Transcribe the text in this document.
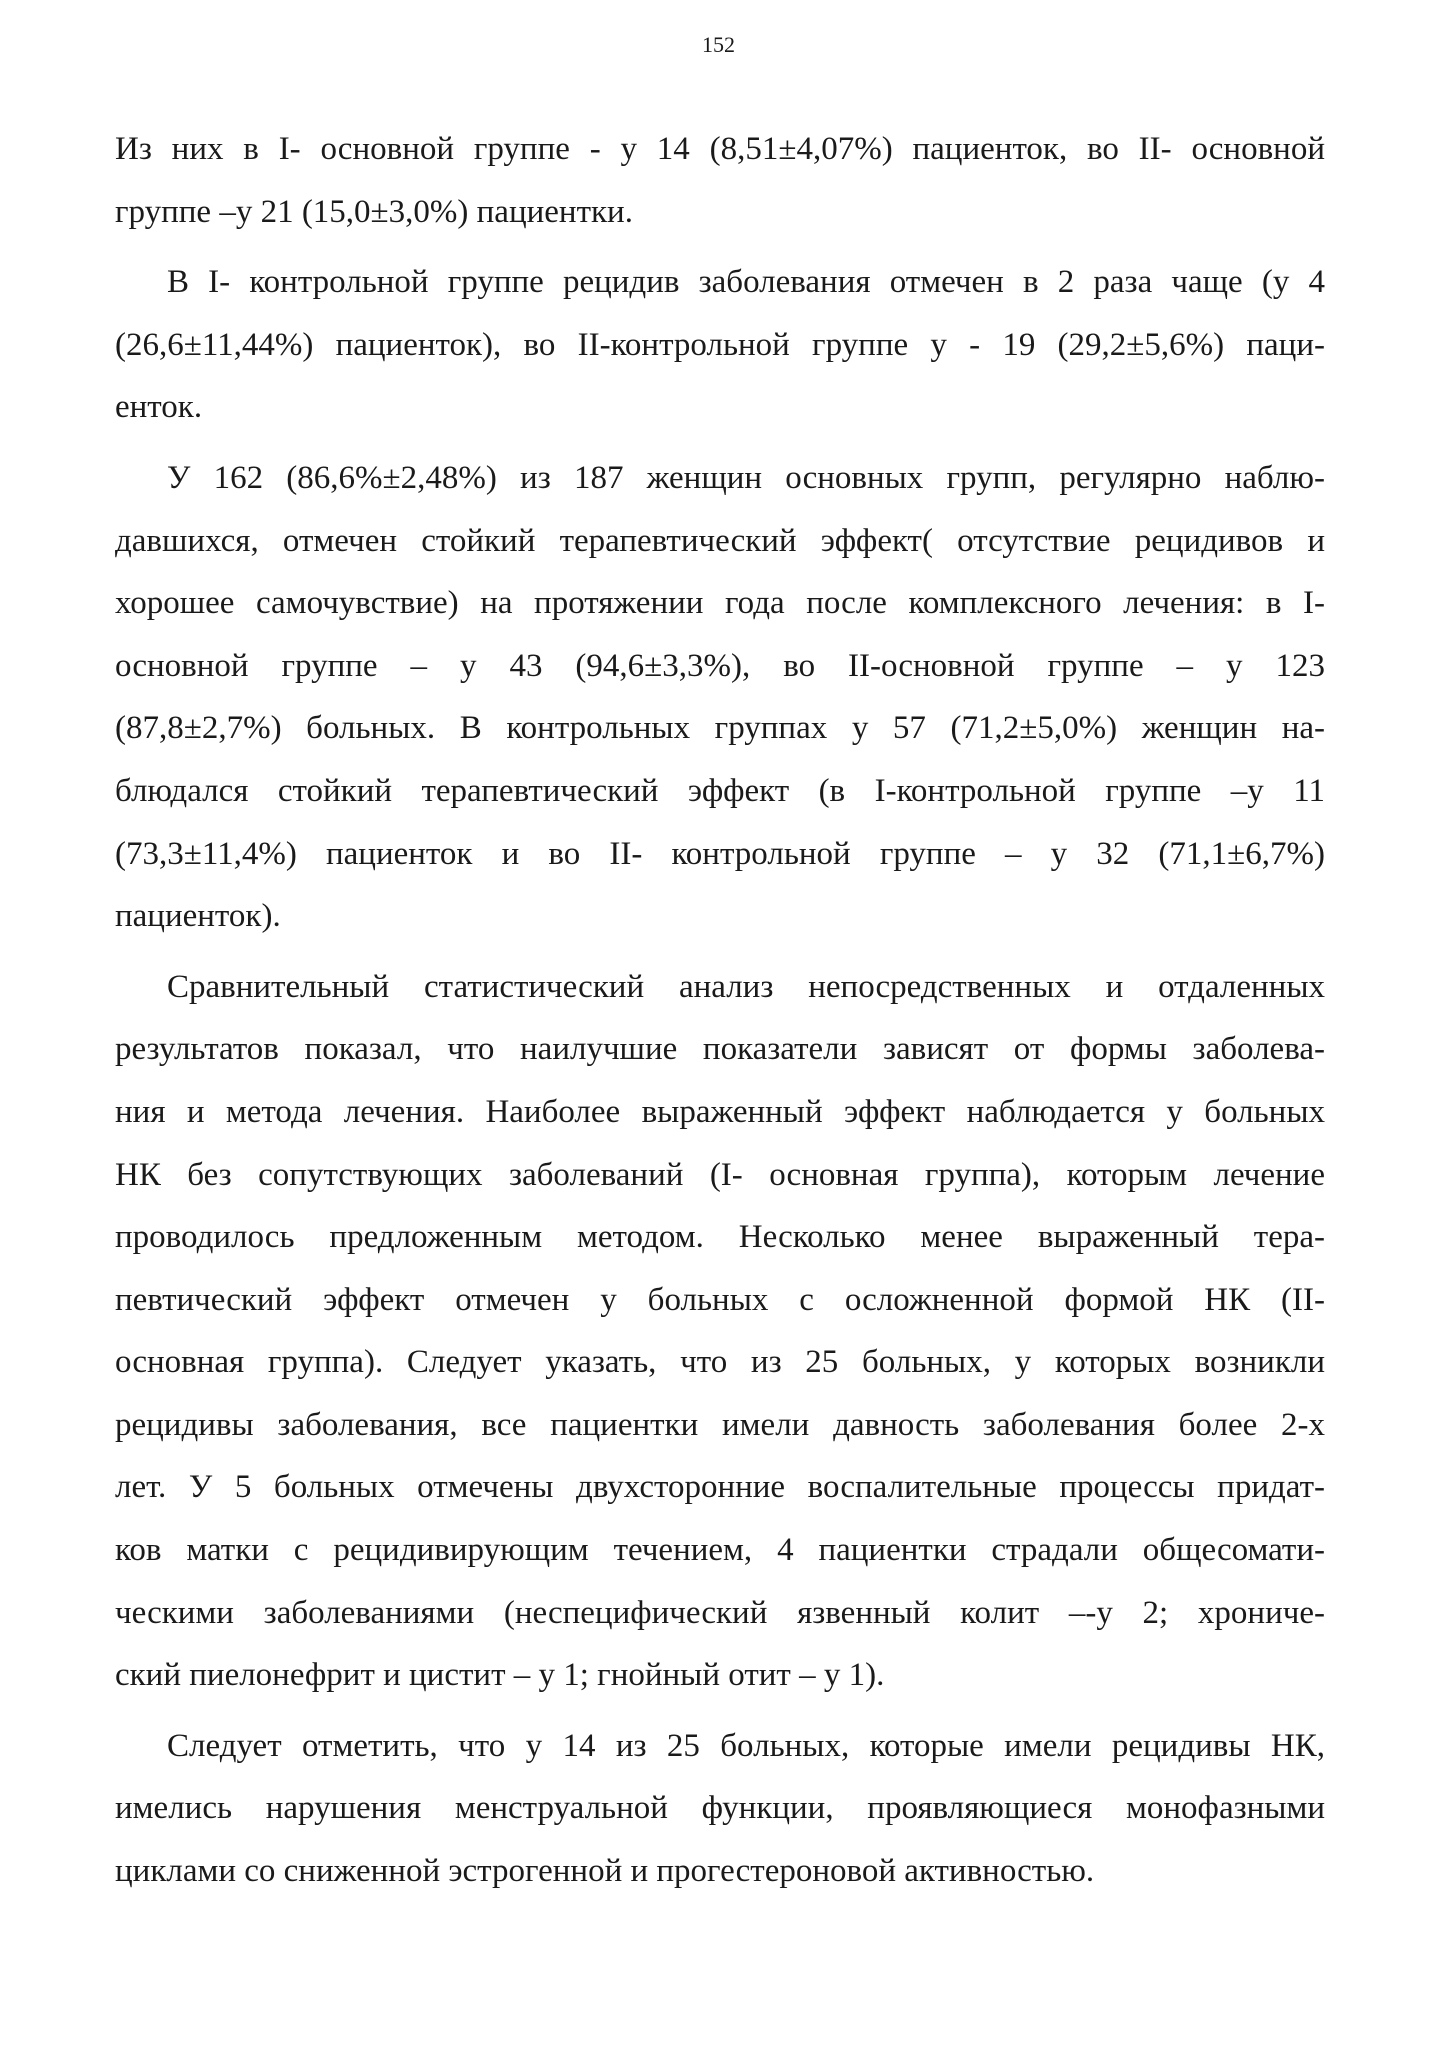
152

Из них в I- основной группе - у 14 (8,51±4,07%) пациенток, во II- основной
группе –у 21 (15,0±3,0%) пациентки.

В I- контрольной группе рецидив заболевания отмечен в 2 раза чаще (у 4
(26,6±11,44%) пациенток), во II-контрольной группе у - 19 (29,2±5,6%) паци-
енток.

У 162 (86,6%±2,48%) из 187 женщин основных групп, регулярно наблю-
давшихся, отмечен стойкий терапевтический эффект( отсутствие рецидивов и
хорошее самочувствие) на протяжении года после комплексного лечения: в I-
основной группе – у 43 (94,6±3,3%), во II-основной группе – у 123
(87,8±2,7%) больных. В контрольных группах у 57 (71,2±5,0%) женщин на-
блюдался стойкий терапевтический эффект (в I-контрольной группе –у 11
(73,3±11,4%) пациенток и во II- контрольной группе – у 32 (71,1±6,7%)
пациенток).

Сравнительный статистический анализ непосредственных и отдаленных
результатов показал, что наилучшие показатели зависят от формы заболева-
ния и метода лечения. Наиболее выраженный эффект наблюдается у больных
НК без сопутствующих заболеваний (I- основная группа), которым лечение
проводилось предложенным методом. Несколько менее выраженный тера-
певтический эффект отмечен у больных с осложненной формой НК (II-
основная группа). Следует указать, что из 25 больных, у которых возникли
рецидивы заболевания, все пациентки имели давность заболевания более 2-х
лет. У 5 больных отмечены двухсторонние воспалительные процессы придат-
ков матки с рецидивирующим течением, 4 пациентки страдали общесомати-
ческими заболеваниями (неспецифический язвенный колит –-у 2; хрониче-
ский пиелонефрит и цистит – у 1; гнойный отит – у 1).

Следует отметить, что у 14 из 25 больных, которые имели рецидивы НК,
имелись нарушения менструальной функции, проявляющиеся монофазными
циклами со сниженной эстрогенной и прогестероновой активностью.
